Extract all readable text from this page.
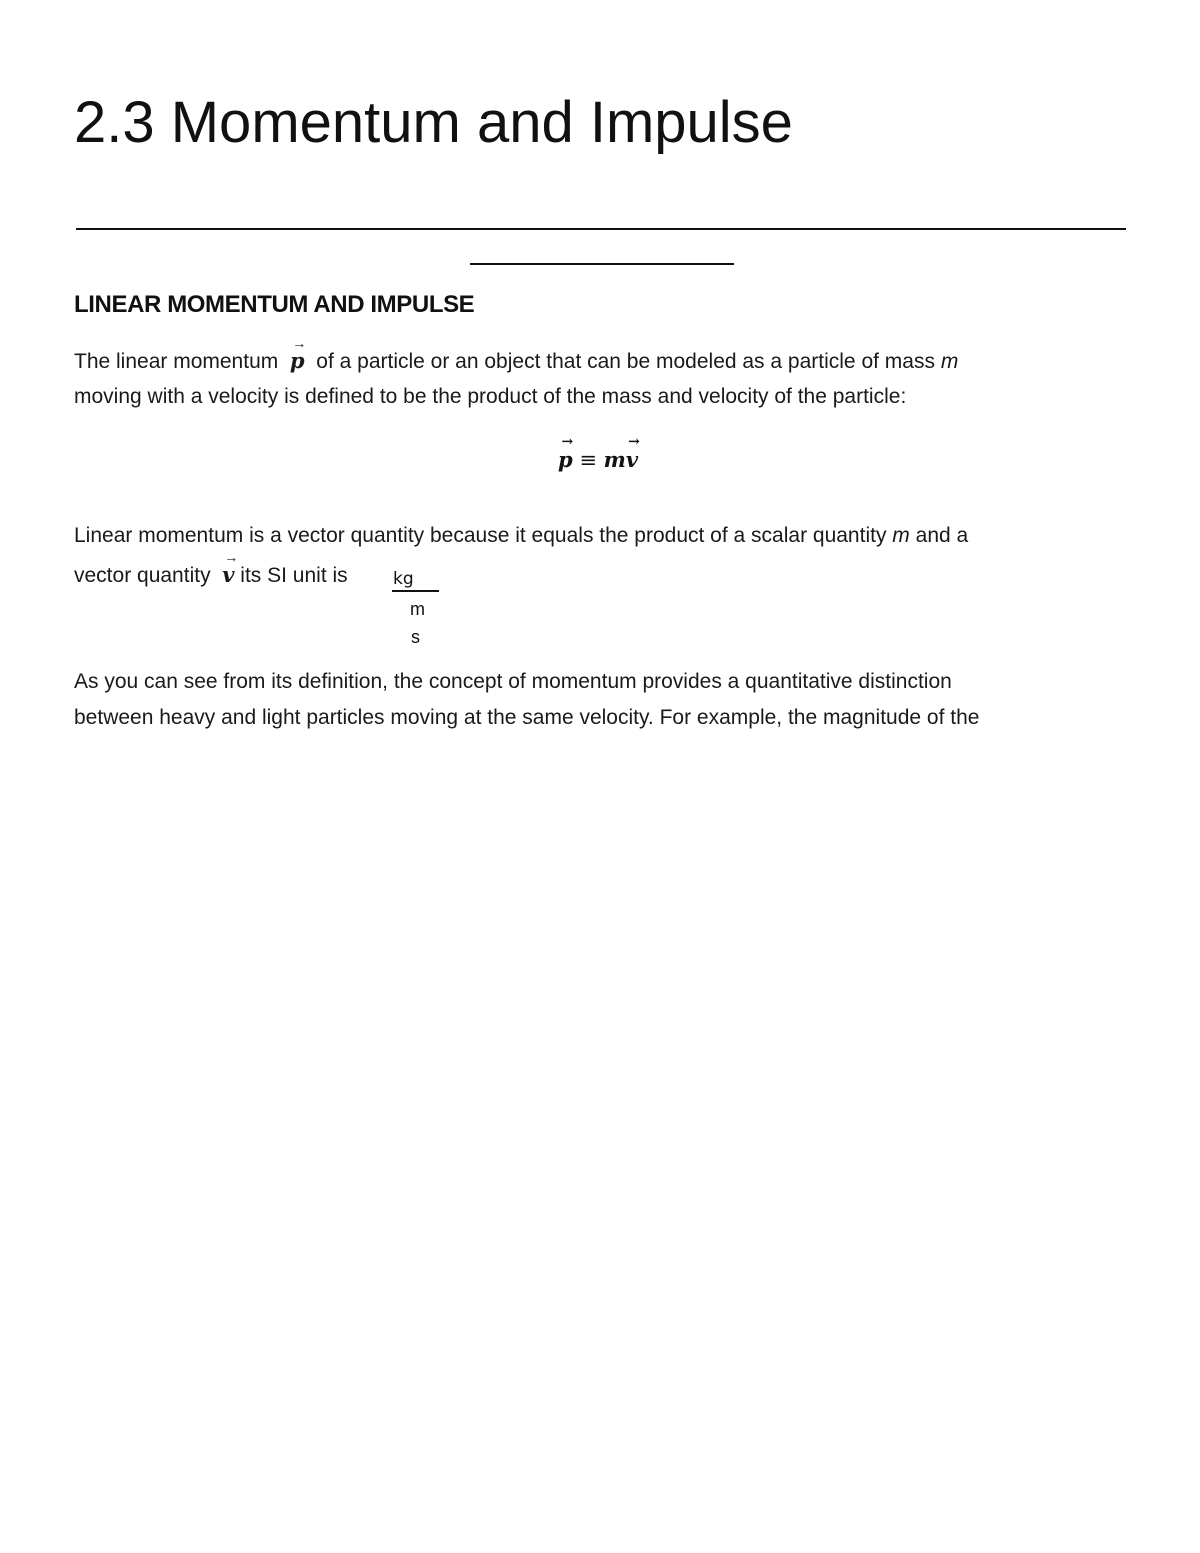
2.3 Momentum and Impulse
LINEAR MOMENTUM AND IMPULSE
The linear momentum
→
p of a particle or an object that can be modeled as a particle of mass m
moving with a velocity is defined to be the product of the mass and velocity of the particle:
→
p ≡ m
→
v
Linear momentum is a vector quantity because it equals the product of a scalar quantity m and a
vector quantity
→
v its SI unit is	kg
m
s
As you can see from its definition, the concept of momentum provides a quantitative distinction
between heavy and light particles moving at the same velocity. For example, the magnitude of the
